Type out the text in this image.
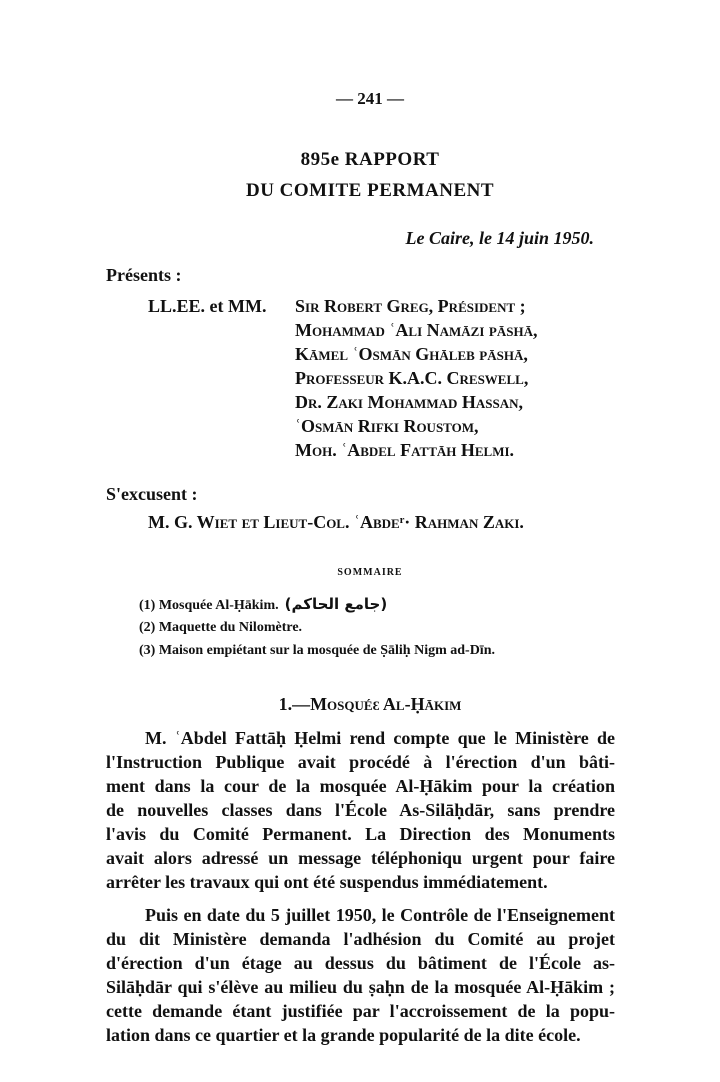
— 241 —
895e RAPPORT
DU COMITE PERMANENT
Le Caire, le 14 juin 1950.
Présents :
LL.EE. et MM. Sir Robert Greg, Président ;
Mohammad ʿAli Namāzi pāshā,
Kāmel ʿOsmān Ghāleb pāshā,
Professeur K.A.C. Creswell,
Dr. Zaki Mohammad Hassan,
ʿOsmān Rifki Roustom,
Moh. ʿAbdel Fattāh Helmi.
S'excusent :
M. G. Wiet et Lieut-Col. ʿAbdeʳ· Rahman Zaki.
SOMMAIRE
(1) Mosquée Al-Ḥākim. (جامع الحاكم)
(2) Maquette du Nilomètre.
(3) Maison empiétant sur la mosquée de Ṣāliḥ Nigm ad-Dīn.
1.—Mosquéɛ Al-Ḥākim
M. ʿAbdel Fattāḥ Ḥelmi rend compte que le Ministère de
l'Instruction Publique avait procédé à l'érection d'un bâti-
ment dans la cour de la mosquée Al-Ḥākim pour la création
de nouvelles classes dans l'École As-Silāḥdār, sans prendre
l'avis du Comité Permanent. La Direction des Monuments
avait alors adressé un message téléphoniqu urgent pour faire
arrêter les travaux qui ont été suspendus immédiatement.
Puis en date du 5 juillet 1950, le Contrôle de l'Enseignement
du dit Ministère demanda l'adhésion du Comité au projet
d'érection d'un étage au dessus du bâtiment de l'École as-
Silāḥdār qui s'élève au milieu du ṣaḥn de la mosquée Al-Ḥākim ;
cette demande étant justifiée par l'accroissement de la popu-
lation dans ce quartier et la grande popularité de la dite école.
